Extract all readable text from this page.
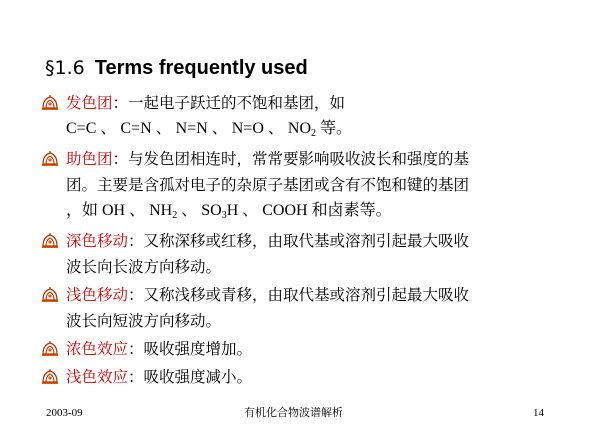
§1.6 Terms frequently used
发色团：一起电子跃迁的不饱和基团，如
C=C 、 C=N 、 N=N 、 N=O 、 $NO_2$ 等。
助色团：与发色团相连时，常常要影响吸收波长和强度的基
团。主要是含孤对电子的杂原子基团或含有不饱和键的基团
，如 OH 、 $NH_2$ 、 $SO_3H$ 、 COOH 和卤素等。
深色移动：又称深移或红移，由取代基或溶剂引起最大吸收
波长向长波方向移动。
浅色移动：又称浅移或青移，由取代基或溶剂引起最大吸收
波长向短波方向移动。
浓色效应：吸收强度增加。
浅色效应：吸收强度减小。
2003-09	有机化合物波谱解析	14
